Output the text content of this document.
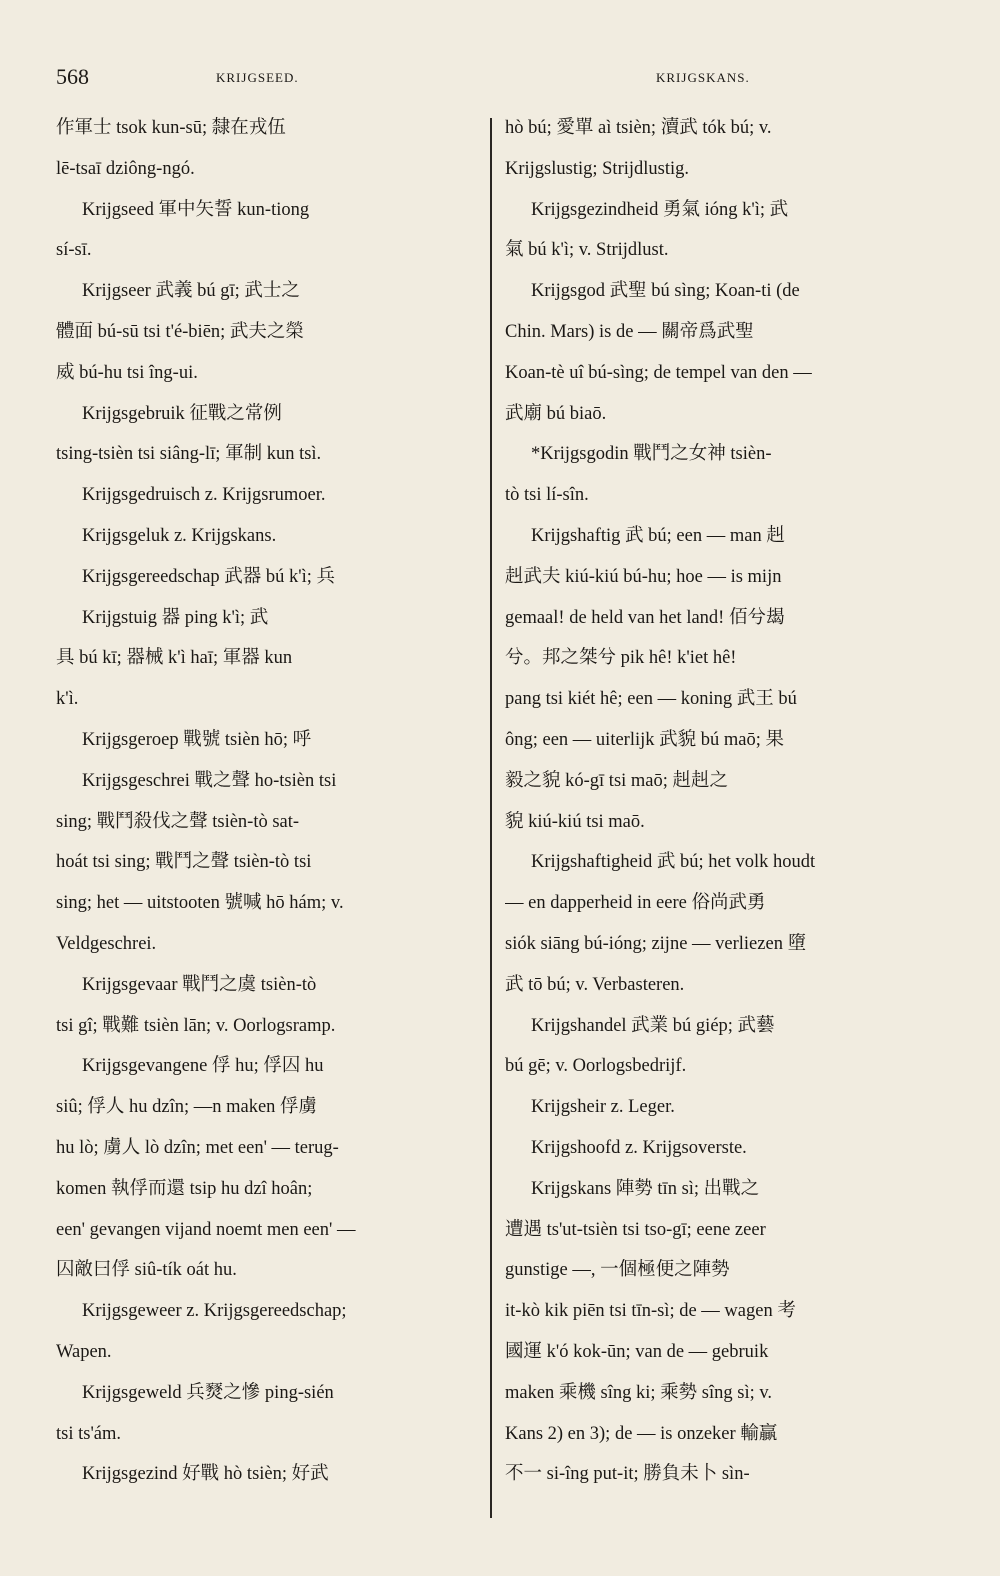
568	KRIJGSEED.	KRIJGSKANS.
作軍士 tsok kun-sū; 隸在戎伍
lē-tsaī dziông-ngó.
Krijgseed 軍中矢誓 kun-tiong
sí-sī.
Krijgseer 武義 bú gī; 武士之
體面 bú-sū tsi t'é-biēn; 武夫之榮
威 bú-hu tsi îng-ui.
Krijgsgebruik 征戰之常例
tsing-tsièn tsi siâng-lī; 軍制 kun tsì.
Krijgsgedruisch z. Krijgsrumoer.
Krijgsgeluk z. Krijgskans.
Krijgsgereedschap 武器 bú k'ì; 兵
Krijgstuig 器 ping k'ì; 武
具 bú kī; 器械 k'ì haī; 軍器 kun
k'ì.
Krijgsgeroep 戰號 tsièn hō; 呼
Krijgsgeschrei 戰之聲 ho-tsièn tsi
sing; 戰鬥殺伐之聲 tsièn-tò sat-
hoát tsi sing; 戰鬥之聲 tsièn-tò tsi
sing; het — uitstooten 號喊 hō hám; v.
Veldgeschrei.
Krijgsgevaar 戰鬥之虞 tsièn-tò
tsi gî; 戰難 tsièn lān; v. Oorlogsramp.
Krijgsgevangene 俘 hu; 俘囚 hu
siû; 俘人 hu dzîn; —n maken 俘虜
hu lò; 虜人 lò dzîn; met een' — terug-
komen 執俘而還 tsip hu dzî hoân;
een' gevangen vijand noemt men een' —
囚敵曰俘 siû-tík oát hu.
Krijgsgeweer z. Krijgsgereedschap;
Wapen.
Krijgsgeweld 兵燹之慘 ping-sién
tsi ts'ám.
Krijgsgezind 好戰 hò tsièn; 好武
hò bú; 愛單 aì tsièn; 瀆武 tók bú; v.
Krijgslustig; Strijdlustig.
Krijgsgezindheid 勇氣 ióng k'ì; 武
氣 bú k'ì; v. Strijdlust.
Krijgsgod 武聖 bú sìng; Koan-ti (de
Chin. Mars) is de — 關帝爲武聖
Koan-tè uî bú-sìng; de tempel van den —
武廟 bú biaō.
*Krijgsgodin 戰鬥之女神 tsièn-
tò tsi lí-sîn.
Krijgshaftig 武 bú; een — man 赳
赳武夫 kiú-kiú bú-hu; hoe — is mijn
gemaal! de held van het land! 佰兮朅
兮。邦之桀兮 pik hê! k'iet hê!
pang tsi kiét hê; een — koning 武王 bú
ông; een — uiterlijk 武貌 bú maō; 果
毅之貌 kó-gī tsi maō; 赳赳之
貌 kiú-kiú tsi maō.
Krijgshaftigheid 武 bú; het volk houdt
— en dapperheid in eere 俗尚武勇
siók siāng bú-ióng; zijne — verliezen 墮
武 tō bú; v. Verbasteren.
Krijgshandel 武業 bú giép; 武藝
bú gē; v. Oorlogsbedrijf.
Krijgsheir z. Leger.
Krijgshoofd z. Krijgsoverste.
Krijgskans 陣勢 tīn sì; 出戰之
遭遇 ts'ut-tsièn tsi tso-gī; eene zeer
gunstige —, 一個極便之陣勢
it-kò kik piēn tsi tīn-sì; de — wagen 考
國運 k'ó kok-ūn; van de — gebruik
maken 乘機 sîng ki; 乘勢 sîng sì; v.
Kans 2) en 3); de — is onzeker 輸贏
不一 si-îng put-it; 勝負未卜 sìn-
